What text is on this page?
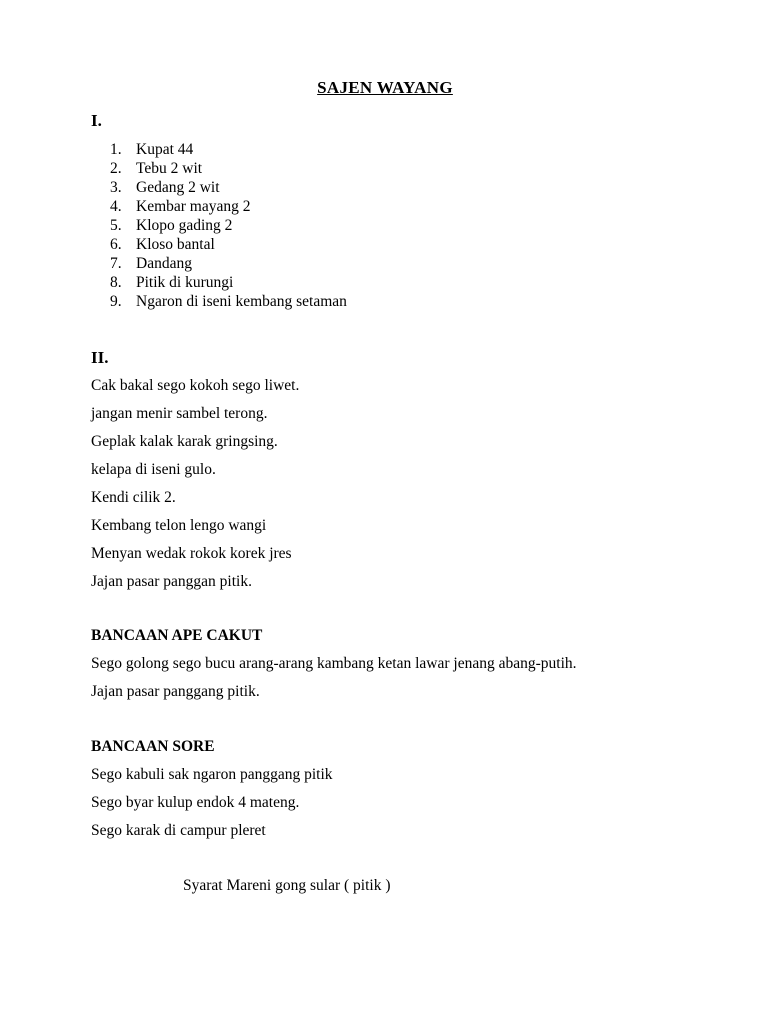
SAJEN WAYANG
I.
1. Kupat 44
2. Tebu 2 wit
3. Gedang 2 wit
4. Kembar mayang 2
5. Klopo gading 2
6. Kloso bantal
7. Dandang
8. Pitik di kurungi
9. Ngaron di iseni kembang setaman
II.

Cak bakal sego kokoh sego liwet.

jangan menir sambel terong.

Geplak kalak karak gringsing.

kelapa di iseni gulo.

Kendi cilik 2.

Kembang telon lengo wangi

Menyan wedak rokok korek jres

Jajan pasar panggan pitik.

BANCAAN APE CAKUT

Sego golong sego bucu arang-arang kambang ketan lawar jenang abang-putih.

Jajan pasar panggang pitik.

BANCAAN SORE

Sego kabuli sak ngaron panggang pitik

Sego byar kulup endok 4 mateng.

Sego karak di campur pleret

Syarat Mareni gong sular ( pitik )
